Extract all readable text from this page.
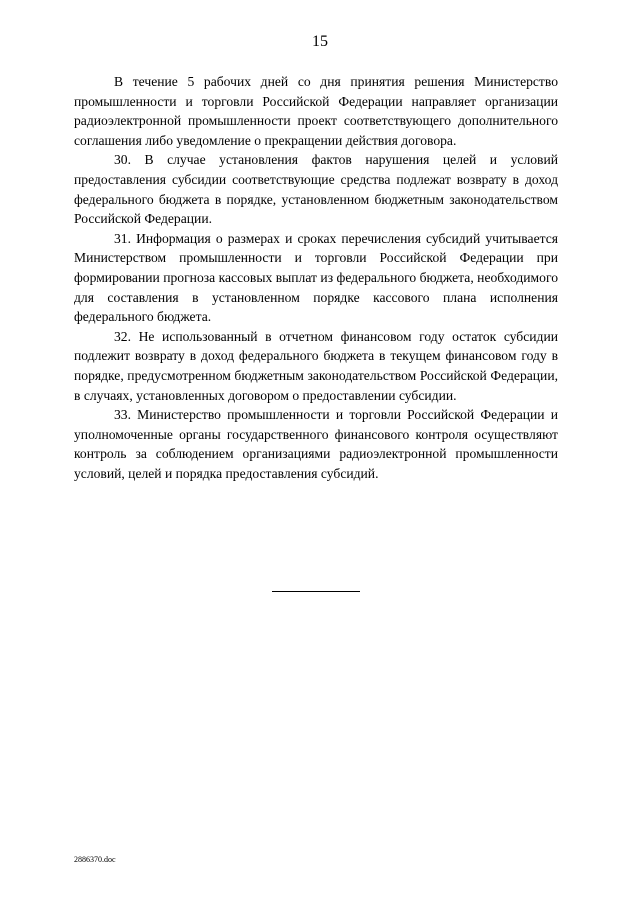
15

В течение 5 рабочих дней со дня принятия решения Министерство промышленности и торговли Российской Федерации направляет организации радиоэлектронной промышленности проект соответствующего дополнительного соглашения либо уведомление о прекращении действия договора.

30. В случае установления фактов нарушения целей и условий предоставления субсидии соответствующие средства подлежат возврату в доход федерального бюджета в порядке, установленном бюджетным законодательством Российской Федерации.

31. Информация о размерах и сроках перечисления субсидий учитывается Министерством промышленности и торговли Российской Федерации при формировании прогноза кассовых выплат из федерального бюджета, необходимого для составления в установленном порядке кассового плана исполнения федерального бюджета.

32. Не использованный в отчетном финансовом году остаток субсидии подлежит возврату в доход федерального бюджета в текущем финансовом году в порядке, предусмотренном бюджетным законодательством Российской Федерации, в случаях, установленных договором о предоставлении субсидии.

33. Министерство промышленности и торговли Российской Федерации и уполномоченные органы государственного финансового контроля осуществляют контроль за соблюдением организациями радиоэлектронной промышленности условий, целей и порядка предоставления субсидий.

2886370.doc
